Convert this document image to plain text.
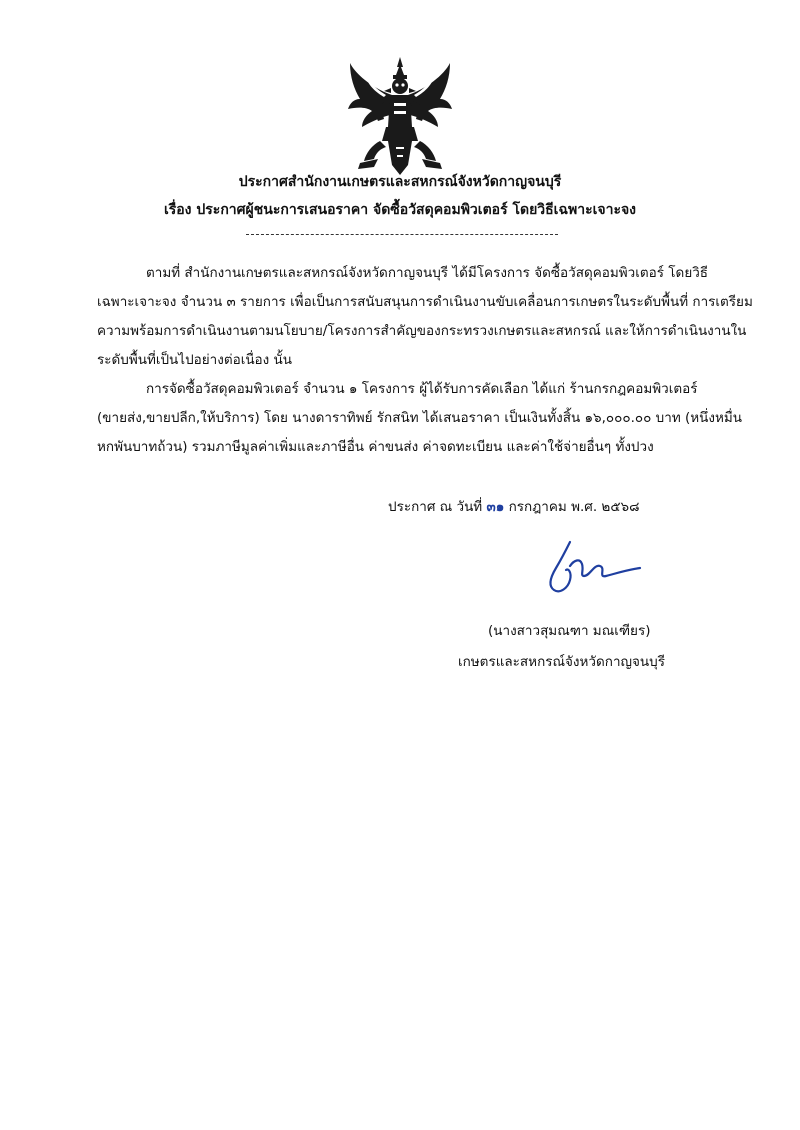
ประกาศสำนักงานเกษตรและสหกรณ์จังหวัดกาญจนบุรี
เรื่อง ประกาศผู้ชนะการเสนอราคา จัดซื้อวัสดุคอมพิวเตอร์ โดยวิธีเฉพาะเจาะจง
ตามที่ สำนักงานเกษตรและสหกรณ์จังหวัดกาญจนบุรี ได้มีโครงการ จัดซื้อวัสดุคอมพิวเตอร์ โดยวิธี
เฉพาะเจาะจง จำนวน ๓ รายการ เพื่อเป็นการสนับสนุนการดำเนินงานขับเคลื่อนการเกษตรในระดับพื้นที่ การเตรียม
ความพร้อมการดำเนินงานตามนโยบาย/โครงการสำคัญของกระทรวงเกษตรและสหกรณ์ และให้การดำเนินงานใน
ระดับพื้นที่เป็นไปอย่างต่อเนื่อง นั้น
การจัดซื้อวัสดุคอมพิวเตอร์ จำนวน ๑ โครงการ ผู้ได้รับการคัดเลือก ได้แก่ ร้านกรกฎคอมพิวเตอร์
(ขายส่ง,ขายปลีก,ให้บริการ) โดย นางดาราทิพย์ รักสนิท ได้เสนอราคา เป็นเงินทั้งสิ้น ๑๖,๐๐๐.๐๐ บาท (หนึ่งหมื่น
หกพันบาทถ้วน) รวมภาษีมูลค่าเพิ่มและภาษีอื่น ค่าขนส่ง ค่าจดทะเบียน และค่าใช้จ่ายอื่นๆ ทั้งปวง
ประกาศ ณ วันที่ ๓๑ กรกฎาคม พ.ศ. ๒๕๖๘
(นางสาวสุมณฑา มณเฑียร)
เกษตรและสหกรณ์จังหวัดกาญจนบุรี
